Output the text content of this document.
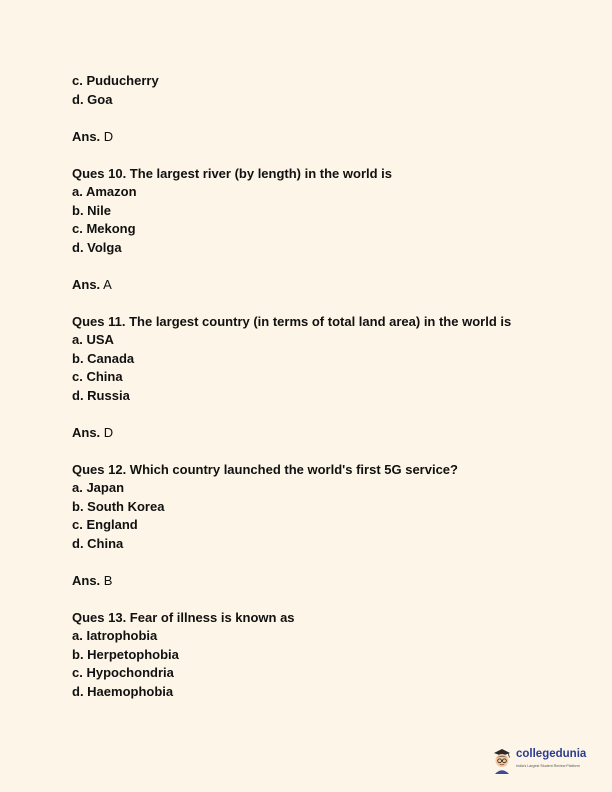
c. Puducherry
d. Goa
Ans. D
Ques 10. The largest river (by length) in the world is
a. Amazon
b. Nile
c. Mekong
d. Volga
Ans. A
Ques 11. The largest country (in terms of total land area) in the world is
a. USA
b. Canada
c. China
d. Russia
Ans. D
Ques 12. Which country launched the world's first 5G service?
a. Japan
b. South Korea
c. England
d. China
Ans. B
Ques 13. Fear of illness is known as
a. Iatrophobia
b. Herpetophobia
c. Hypochondria
d. Haemophobia
collegedunia
India's Largest Student Review Platform
